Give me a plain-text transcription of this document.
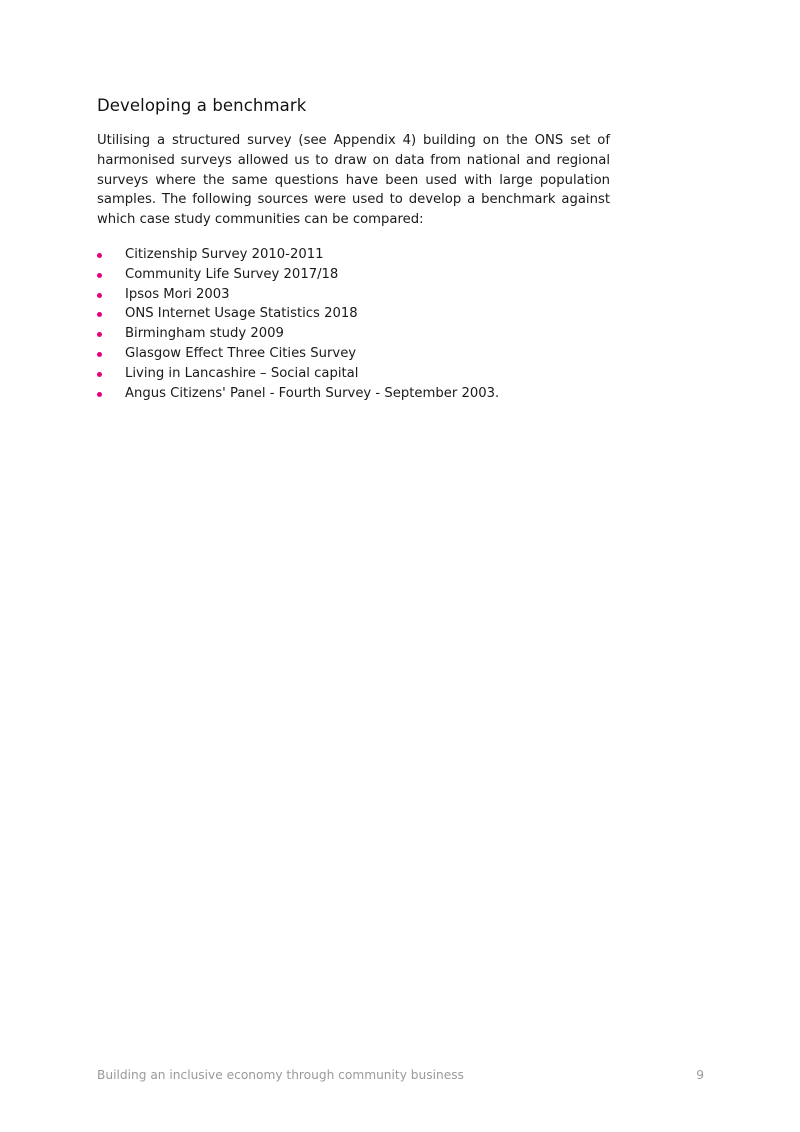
Developing a benchmark

Utilising a structured survey (see Appendix 4) building on the ONS set of harmonised surveys allowed us to draw on data from national and regional surveys where the same questions have been used with large population samples. The following sources were used to develop a benchmark against which case study communities can be compared:

Citizenship Survey 2010-2011
Community Life Survey 2017/18
Ipsos Mori 2003
ONS Internet Usage Statistics 2018
Birmingham study 2009
Glasgow Effect Three Cities Survey
Living in Lancashire – Social capital
Angus Citizens' Panel - Fourth Survey - September 2003.
Building an inclusive economy through community business	9
